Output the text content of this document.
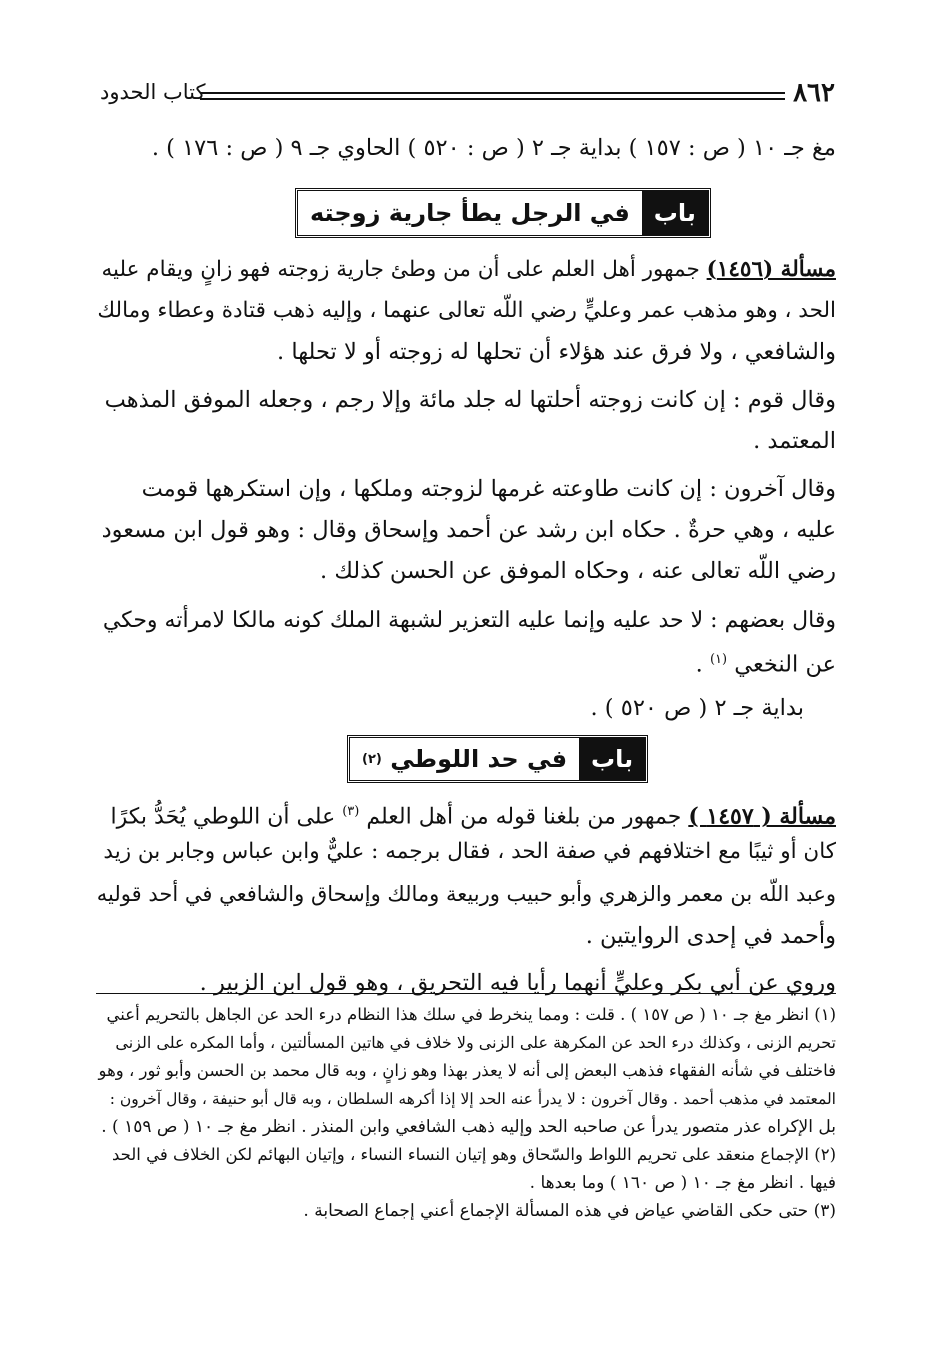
٨٦٢
كتاب الحدود
مغ جـ ١٠ ( ص : ١٥٧ ) بداية جـ ٢ ( ص : ٥٢٠ ) الحاوي جـ ٩ ( ص : ١٧٦ ) .
باب
في الرجل يطأ جارية زوجته
مسألة (١٤٥٦) جمهور أهل العلم على أن من وطئ جارية زوجته فهو زانٍ ويقام عليه
الحد ، وهو مذهب عمر وعليٍّ رضي اللّه تعالى عنهما ، وإليه ذهب قتادة وعطاء ومالك
والشافعي ، ولا فرق عند هؤلاء أن تحلها له زوجته أو لا تحلها .
وقال قوم : إن كانت زوجته أحلتها له جلد مائة وإلا رجم ، وجعله الموفق المذهب
المعتمد .
وقال آخرون : إن كانت طاوعته غرمها لزوجته وملكها ، وإن استكرهها قومت
عليه ، وهي حرةٌ . حكاه ابن رشد عن أحمد وإسحاق وقال : وهو قول ابن مسعود
رضي اللّه تعالى عنه ، وحكاه الموفق عن الحسن كذلك .
وقال بعضهم : لا حد عليه وإنما عليه التعزير لشبهة الملك كونه مالكا لامرأته وحكي
عن النخعي $^{(١)}$ .
بداية جـ ٢ ( ص ٥٢٠ ) .
باب
في حد اللوطي

(٢)
مسألة ( ١٤٥٧ ) جمهور من بلغنا قوله من أهل العلم $^{(٣)}$ على أن اللوطي يُحَدُّ بكرًا
كان أو ثيبًا مع اختلافهم في صفة الحد ، فقال برجمه : عليٌّ وابن عباس وجابر بن زيد
وعبد اللّه بن معمر والزهري وأبو حبيب وربيعة ومالك وإسحاق والشافعي في أحد قوليه
وأحمد في إحدى الروايتين .
وروي عن أبي بكر وعليٍّ أنهما رأيا فيه التحريق ، وهو قول ابن الزبير .
(١) انظر مغ جـ ١٠ ( ص ١٥٧ ) . قلت : ومما ينخرط في سلك هذا النظام درء الحد عن الجاهل بالتحريم أعني
تحريم الزنى ، وكذلك درء الحد عن المكرهة على الزنى ولا خلاف في هاتين المسألتين ، وأما المكره على الزنى
فاختلف في شأنه الفقهاء فذهب البعض إلى أنه لا يعذر بهذا وهو زانٍ ، وبه قال محمد بن الحسن وأبو ثور ، وهو
المعتمد في مذهب أحمد . وقال آخرون : لا يدرأ عنه الحد إلا إذا أكرهه السلطان ، وبه قال أبو حنيفة ، وقال آخرون :
بل الإكراه عذر متصور يدرأ عن صاحبه الحد وإليه ذهب الشافعي وابن المنذر . انظر مغ جـ ١٠ ( ص ١٥٩ ) .
(٢) الإجماع منعقد على تحريم اللواط والسّحاق وهو إتيان النساء النساء ، وإتيان البهائم لكن الخلاف في الحد
فيها . انظر مغ جـ ١٠ ( ص ١٦٠ ) وما بعدها .
(٣) حتى حكى القاضي عياض في هذه المسألة الإجماع أعني إجماع الصحابة .
